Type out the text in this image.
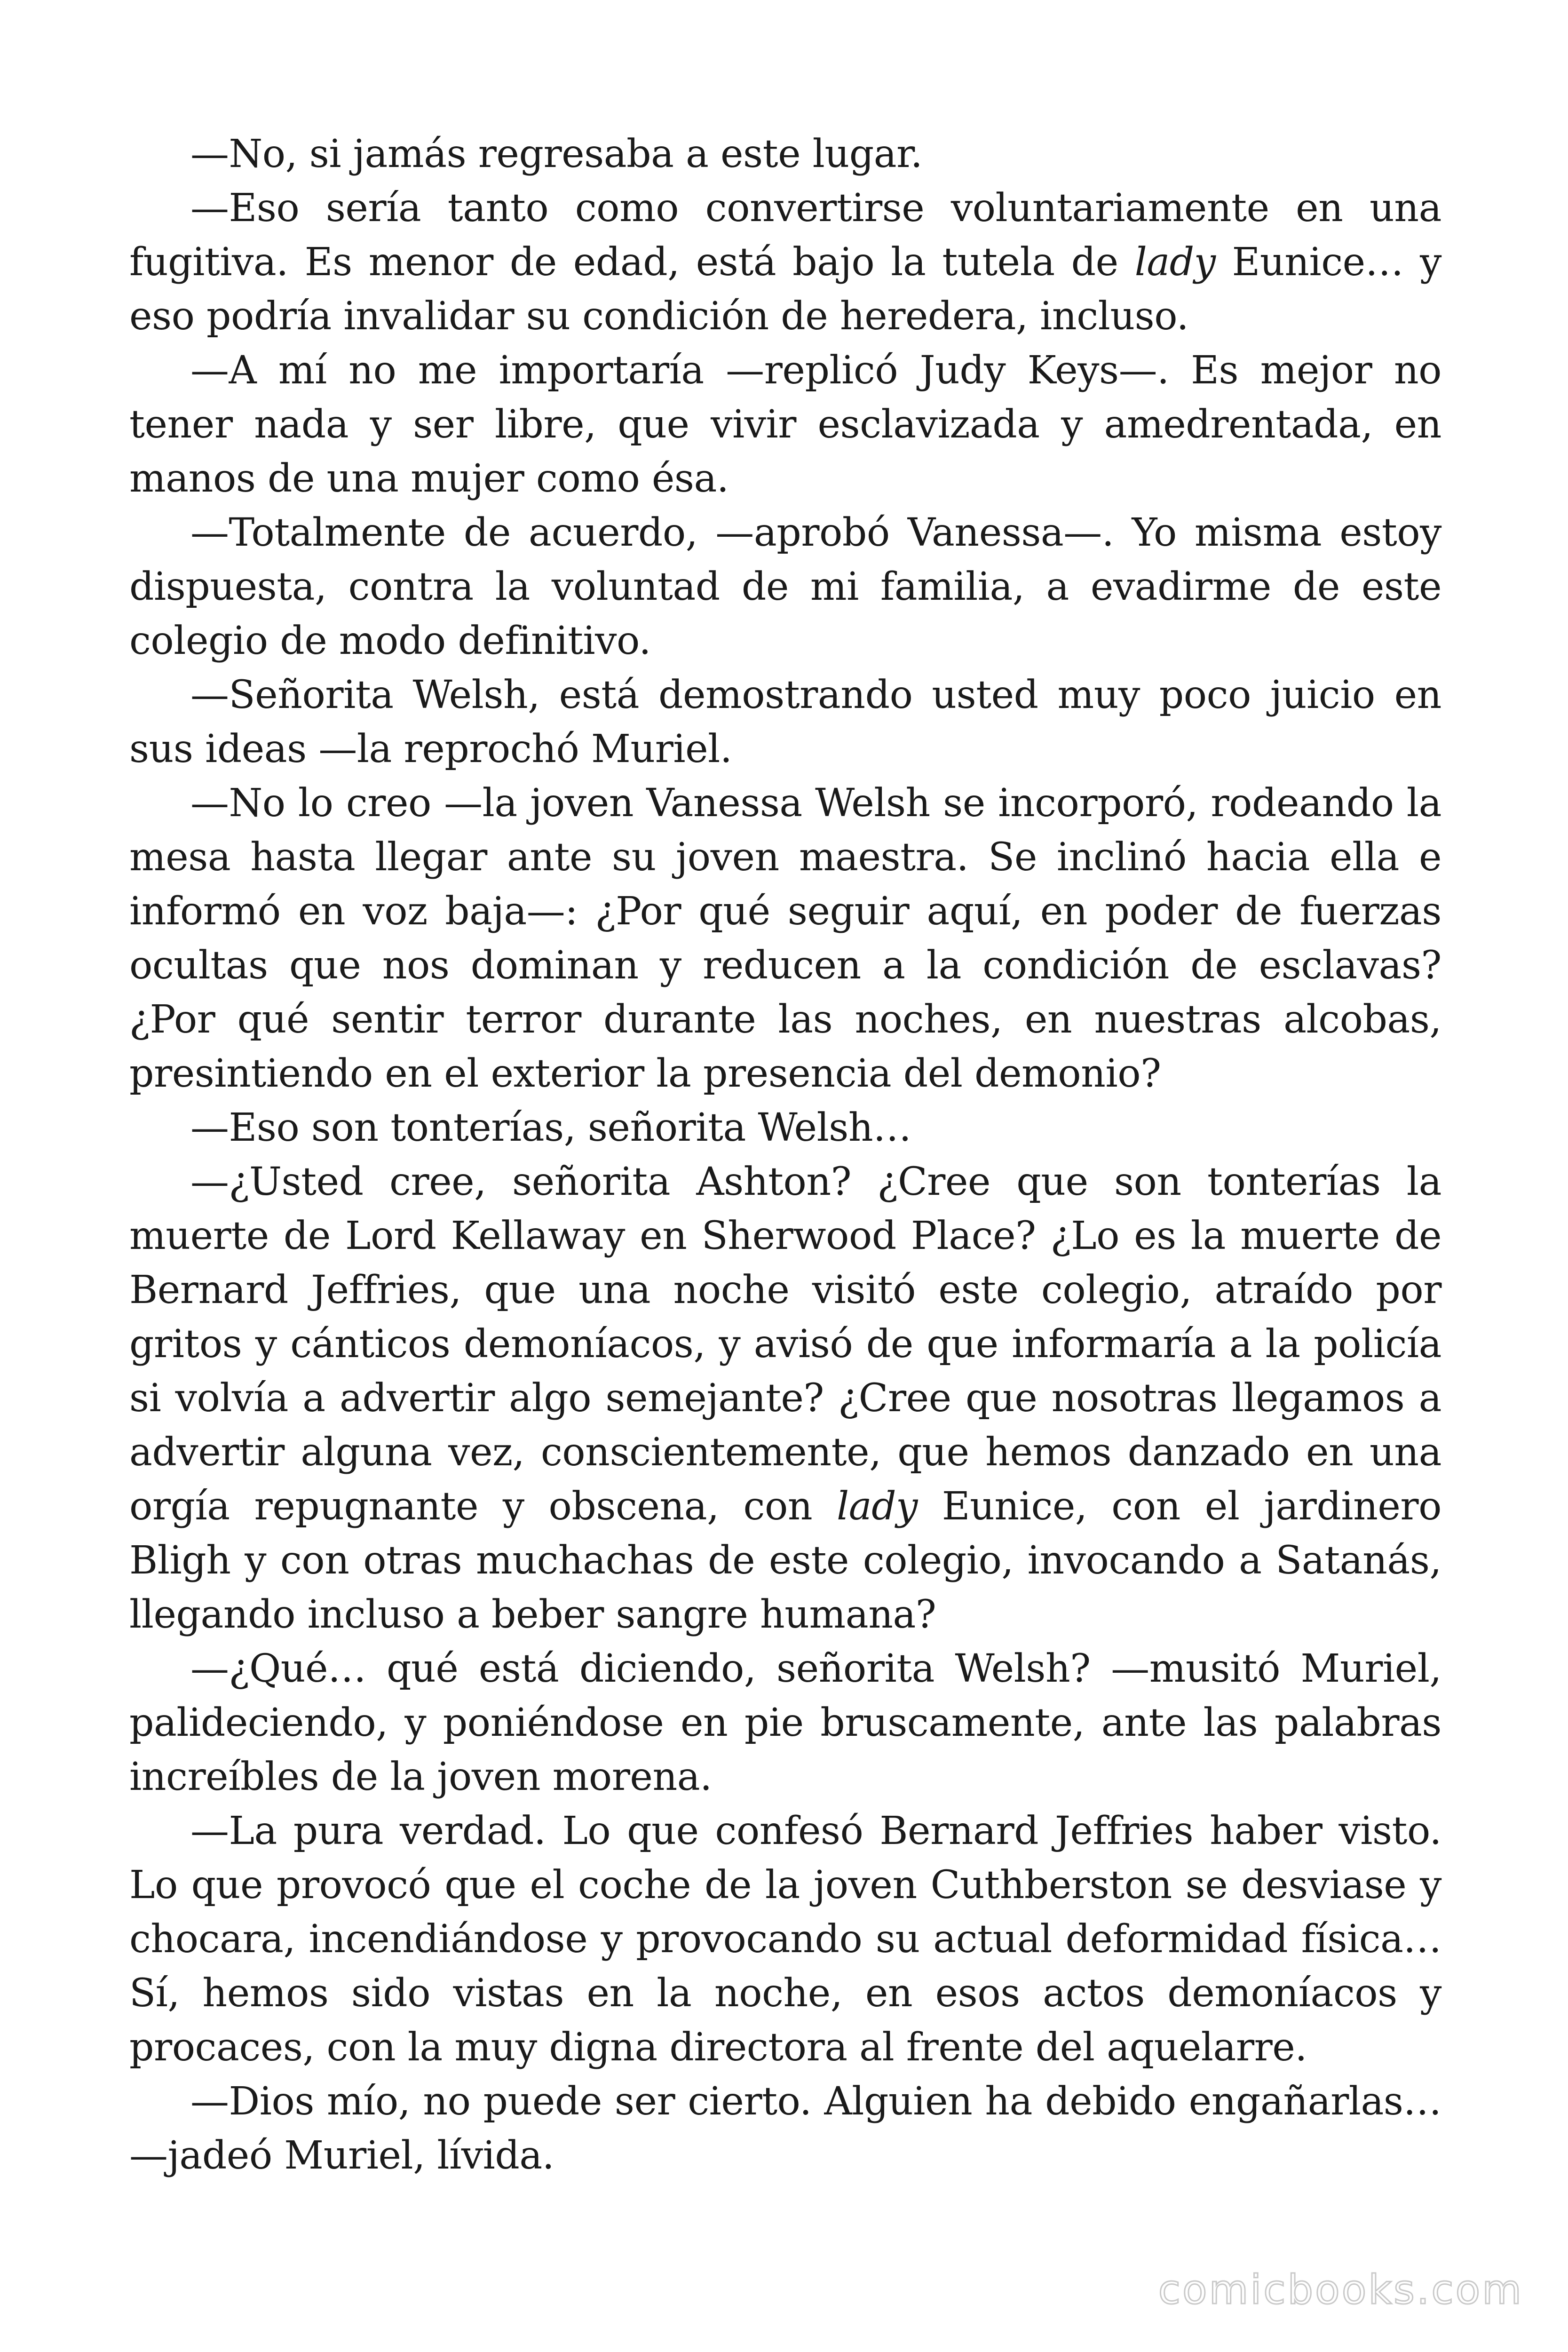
—No, si jamás regresaba a este lugar.

—Eso sería tanto como convertirse voluntariamente en una fugitiva. Es menor de edad, está bajo la tutela de lady Eunice… y eso podría invalidar su condición de heredera, incluso.

—A mí no me importaría —replicó Judy Keys—. Es mejor no tener nada y ser libre, que vivir esclavizada y amedrentada, en manos de una mujer como ésa.

—Totalmente de acuerdo, —aprobó Vanessa—. Yo misma estoy dispuesta, contra la voluntad de mi familia, a evadirme de este colegio de modo definitivo.

—Señorita Welsh, está demostrando usted muy poco juicio en sus ideas —la reprochó Muriel.

—No lo creo —la joven Vanessa Welsh se incorporó, rodeando la mesa hasta llegar ante su joven maestra. Se inclinó hacia ella e informó en voz baja—: ¿Por qué seguir aquí, en poder de fuerzas ocultas que nos dominan y reducen a la condición de esclavas? ¿Por qué sentir terror durante las noches, en nuestras alcobas, presintiendo en el exterior la presencia del demonio?

—Eso son tonterías, señorita Welsh…

—¿Usted cree, señorita Ashton? ¿Cree que son tonterías la muerte de Lord Kellaway en Sherwood Place? ¿Lo es la muerte de Bernard Jeffries, que una noche visitó este colegio, atraído por gritos y cánticos demoníacos, y avisó de que informaría a la policía si volvía a advertir algo semejante? ¿Cree que nosotras llegamos a advertir alguna vez, conscientemente, que hemos danzado en una orgía repugnante y obscena, con lady Eunice, con el jardinero Bligh y con otras muchachas de este colegio, invocando a Satanás, llegando incluso a beber sangre humana?

—¿Qué… qué está diciendo, señorita Welsh? —musitó Muriel, palideciendo, y poniéndose en pie bruscamente, ante las palabras increíbles de la joven morena.

—La pura verdad. Lo que confesó Bernard Jeffries haber visto. Lo que provocó que el coche de la joven Cuthberston se desviase y chocara, incendiándose y provocando su actual deformidad física… Sí, hemos sido vistas en la noche, en esos actos demoníacos y procaces, con la muy digna directora al frente del aquelarre.

—Dios mío, no puede ser cierto. Alguien ha debido engañarlas… —jadeó Muriel, lívida.

comicbooks.com
